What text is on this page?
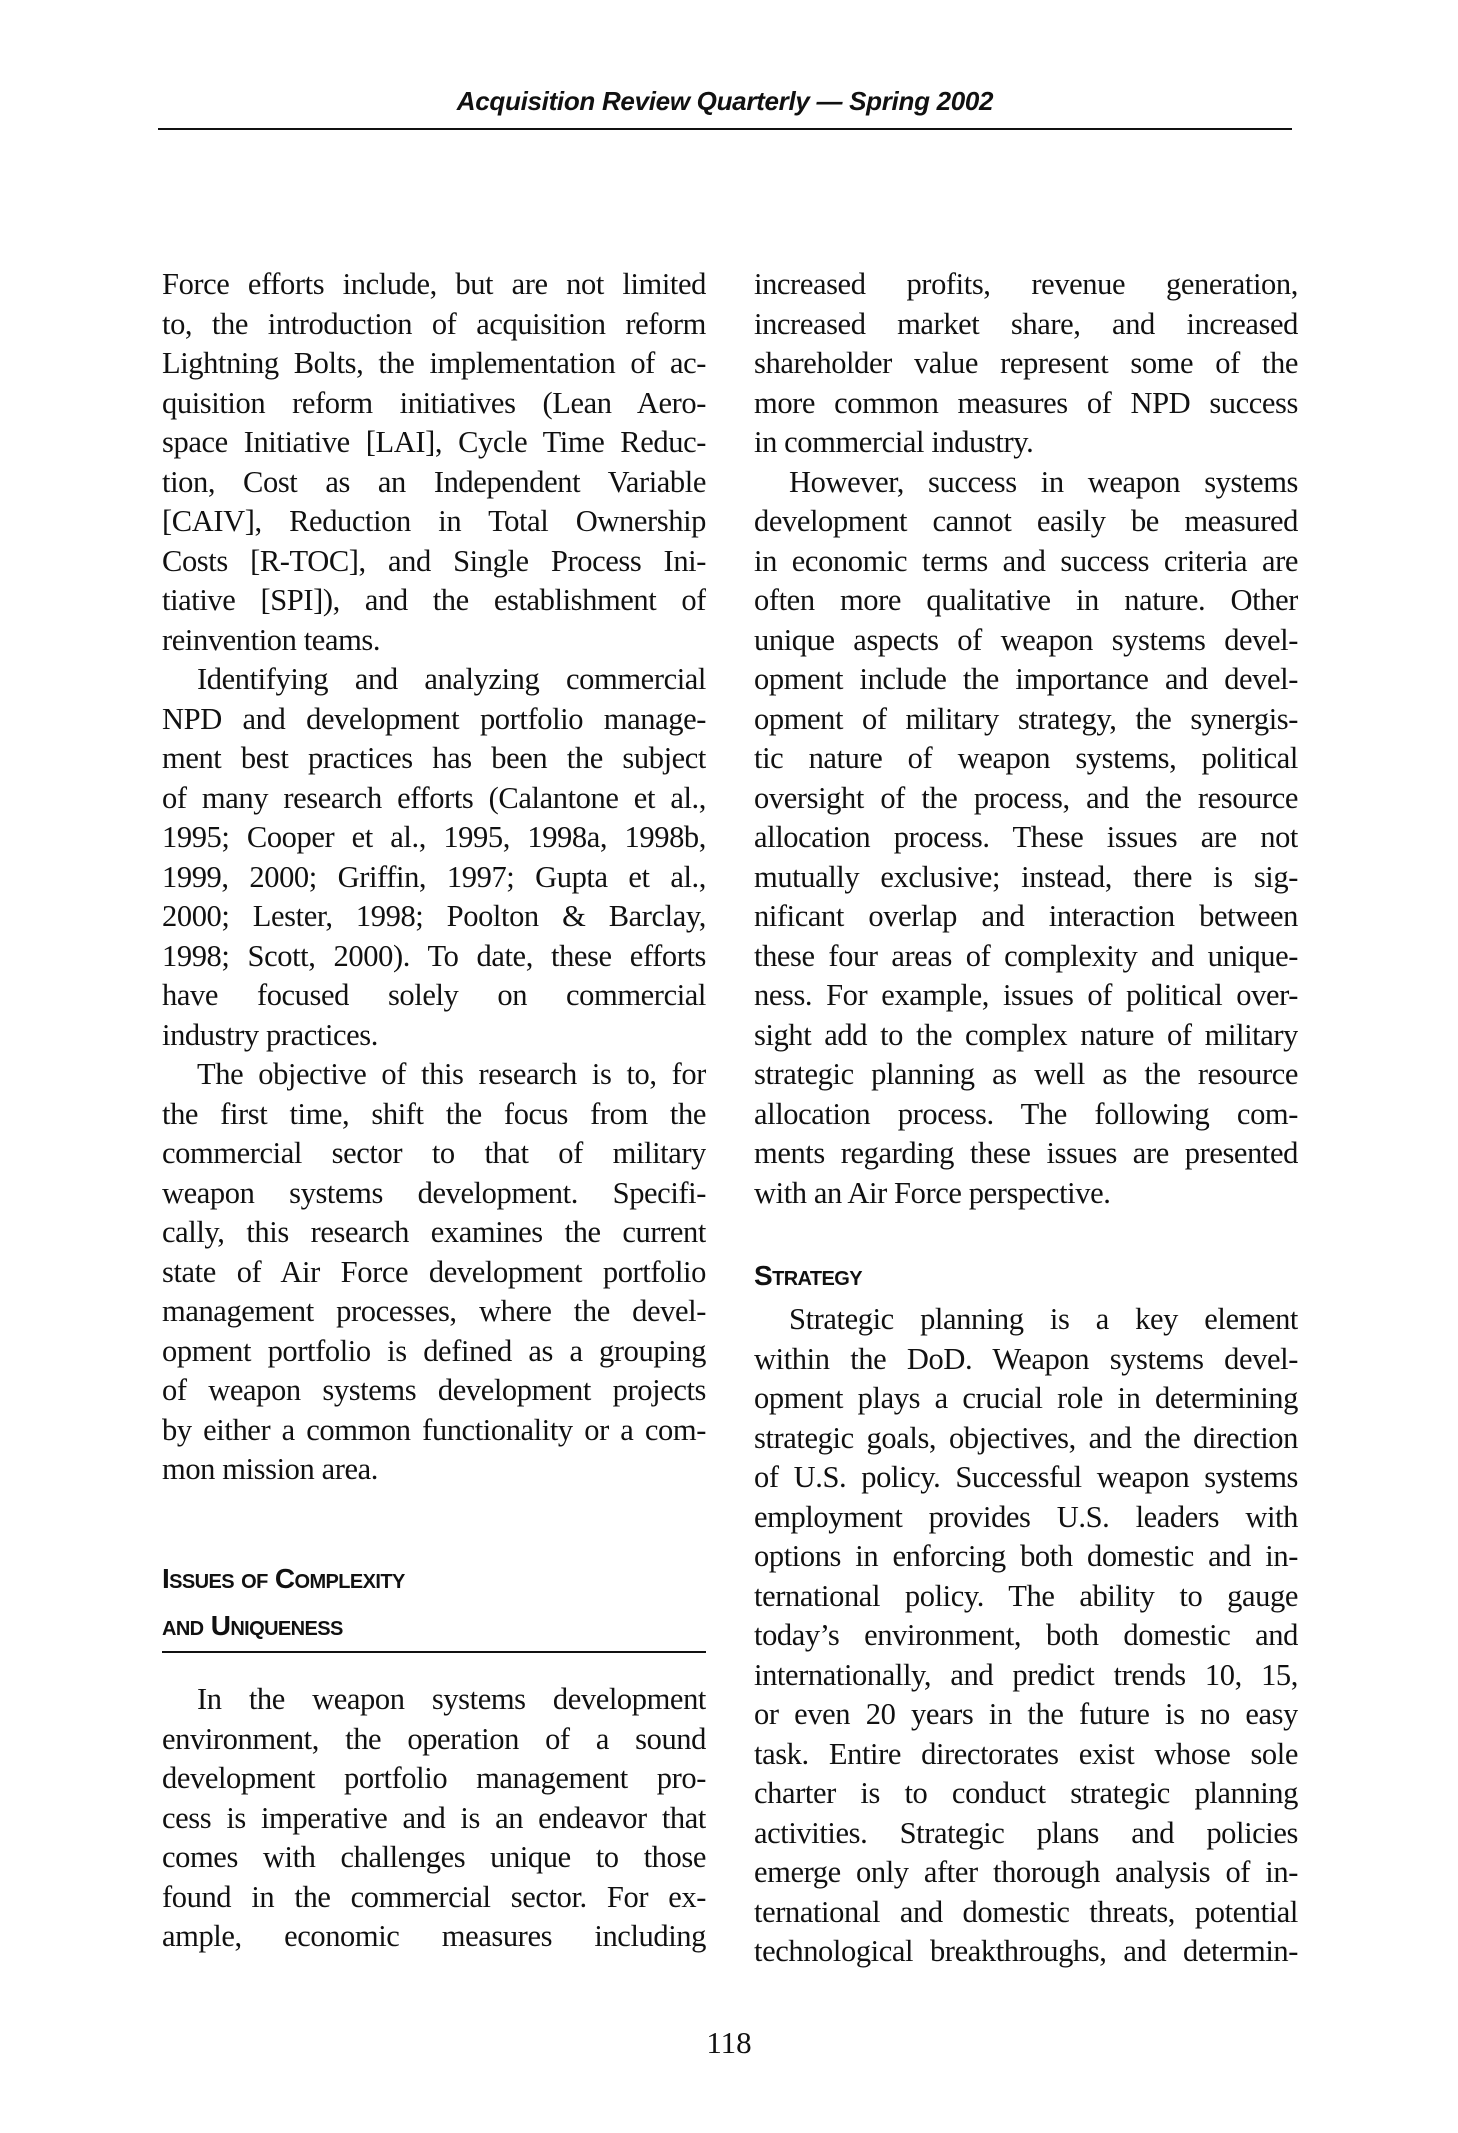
Acquisition Review Quarterly — Spring 2002
Force efforts include, but are not limited
to, the introduction of acquisition reform
Lightning Bolts, the implementation of ac-
quisition reform initiatives (Lean Aero-
space Initiative [LAI], Cycle Time Reduc-
tion, Cost as an Independent Variable
[CAIV], Reduction in Total Ownership
Costs [R-TOC], and Single Process Ini-
tiative [SPI]), and the establishment of
reinvention teams.
Identifying and analyzing commercial
NPD and development portfolio manage-
ment best practices has been the subject
of many research efforts (Calantone et al.,
1995; Cooper et al., 1995, 1998a, 1998b,
1999, 2000; Griffin, 1997; Gupta et al.,
2000; Lester, 1998; Poolton & Barclay,
1998; Scott, 2000). To date, these efforts
have focused solely on commercial
industry practices.
The objective of this research is to, for
the first time, shift the focus from the
commercial sector to that of military
weapon systems development. Specifi-
cally, this research examines the current
state of Air Force development portfolio
management processes, where the devel-
opment portfolio is defined as a grouping
of weapon systems development projects
by either a common functionality or a com-
mon mission area.
Issues of Complexity
and Uniqueness
In the weapon systems development
environment, the operation of a sound
development portfolio management pro-
cess is imperative and is an endeavor that
comes with challenges unique to those
found in the commercial sector. For ex-
ample, economic measures including
increased profits, revenue generation,
increased market share, and increased
shareholder value represent some of the
more common measures of NPD success
in commercial industry.
However, success in weapon systems
development cannot easily be measured
in economic terms and success criteria are
often more qualitative in nature. Other
unique aspects of weapon systems devel-
opment include the importance and devel-
opment of military strategy, the synergis-
tic nature of weapon systems, political
oversight of the process, and the resource
allocation process. These issues are not
mutually exclusive; instead, there is sig-
nificant overlap and interaction between
these four areas of complexity and unique-
ness. For example, issues of political over-
sight add to the complex nature of military
strategic planning as well as the resource
allocation process. The following com-
ments regarding these issues are presented
with an Air Force perspective.
Strategy
Strategic planning is a key element
within the DoD. Weapon systems devel-
opment plays a crucial role in determining
strategic goals, objectives, and the direction
of U.S. policy. Successful weapon systems
employment provides U.S. leaders with
options in enforcing both domestic and in-
ternational policy. The ability to gauge
today’s environment, both domestic and
internationally, and predict trends 10, 15,
or even 20 years in the future is no easy
task. Entire directorates exist whose sole
charter is to conduct strategic planning
activities. Strategic plans and policies
emerge only after thorough analysis of in-
ternational and domestic threats, potential
technological breakthroughs, and determin-
118
